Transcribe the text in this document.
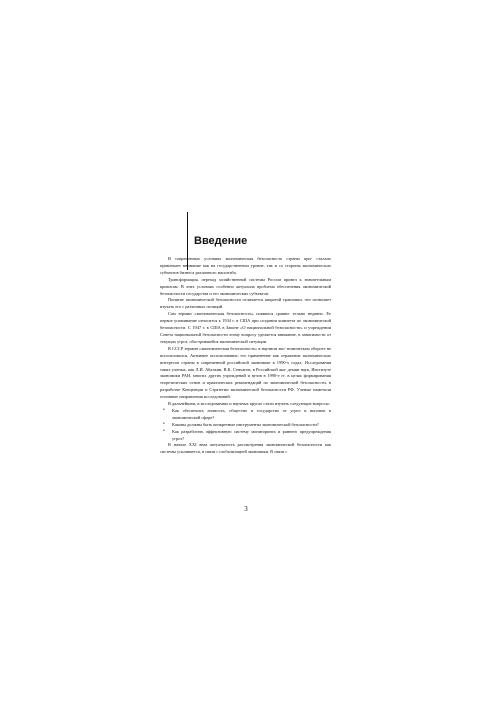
Введение

В современных условиях экономическая безопасность страны при- стально привлекает внимание как на государственном уровне, так и со стороны экономических субъектов бизнеса различного масштаба.

Трансформация, переход хозяйственной системы России привел к значительным кризисам. В этих условиях особенно актуальна проблема обеспечения экономической безопасности государства и его экономических субъектов.

Понятие экономической безопасности отличается широтой трактовки, что позволяет изучать его с различных позиций.

Сам термин «экономическая безопасность» появился сравни- тельно недавно. Ее первое упоминание относится к 1934 г. в США при создании комитета по экономической безопасности. С 1947 г. в США в Законе «О национальной безопасности» и учреждении Совета национальной безопасности этому вопросу уделяется внимание, в зависимости от текущих угроз, обострившейся экономической ситуации.

В СССР термин «экономическая безопасность» в научном эко- номическом обороте не использовался. Активное использование, его применение как отражение экономических интересов страны в современной российской экономике в 1990-х годах. Исследования таких ученых, как Л.И. Абалкин, В.К. Сенчагов, в Российской ака- демии наук, Институте экономики РАН, многих других учреждений и вузов в 1990-е гг. в целях формирования теоретических основ и практических рекомендаций по экономической безопасности, в разработке Концепции и Стратегии экономической безопасности РФ. Ученые наметили основные направления исследований.

В дальнейшем, в исследованиях и научных кругах стали изучать следующие вопросы:

• Как обеспечить личность, общество и государство от угроз и вызовов в экономической сфере?
• Каковы должны быть конкретные инструменты экономической безопасности?
• Как разработать эффективную систему мониторинга и раннего предупреждения угроз?

В начале XXI века актуальность рассмотрения экономической безопасности как системы усиливается, в связи с глобализацией экономики. В связи с

3
